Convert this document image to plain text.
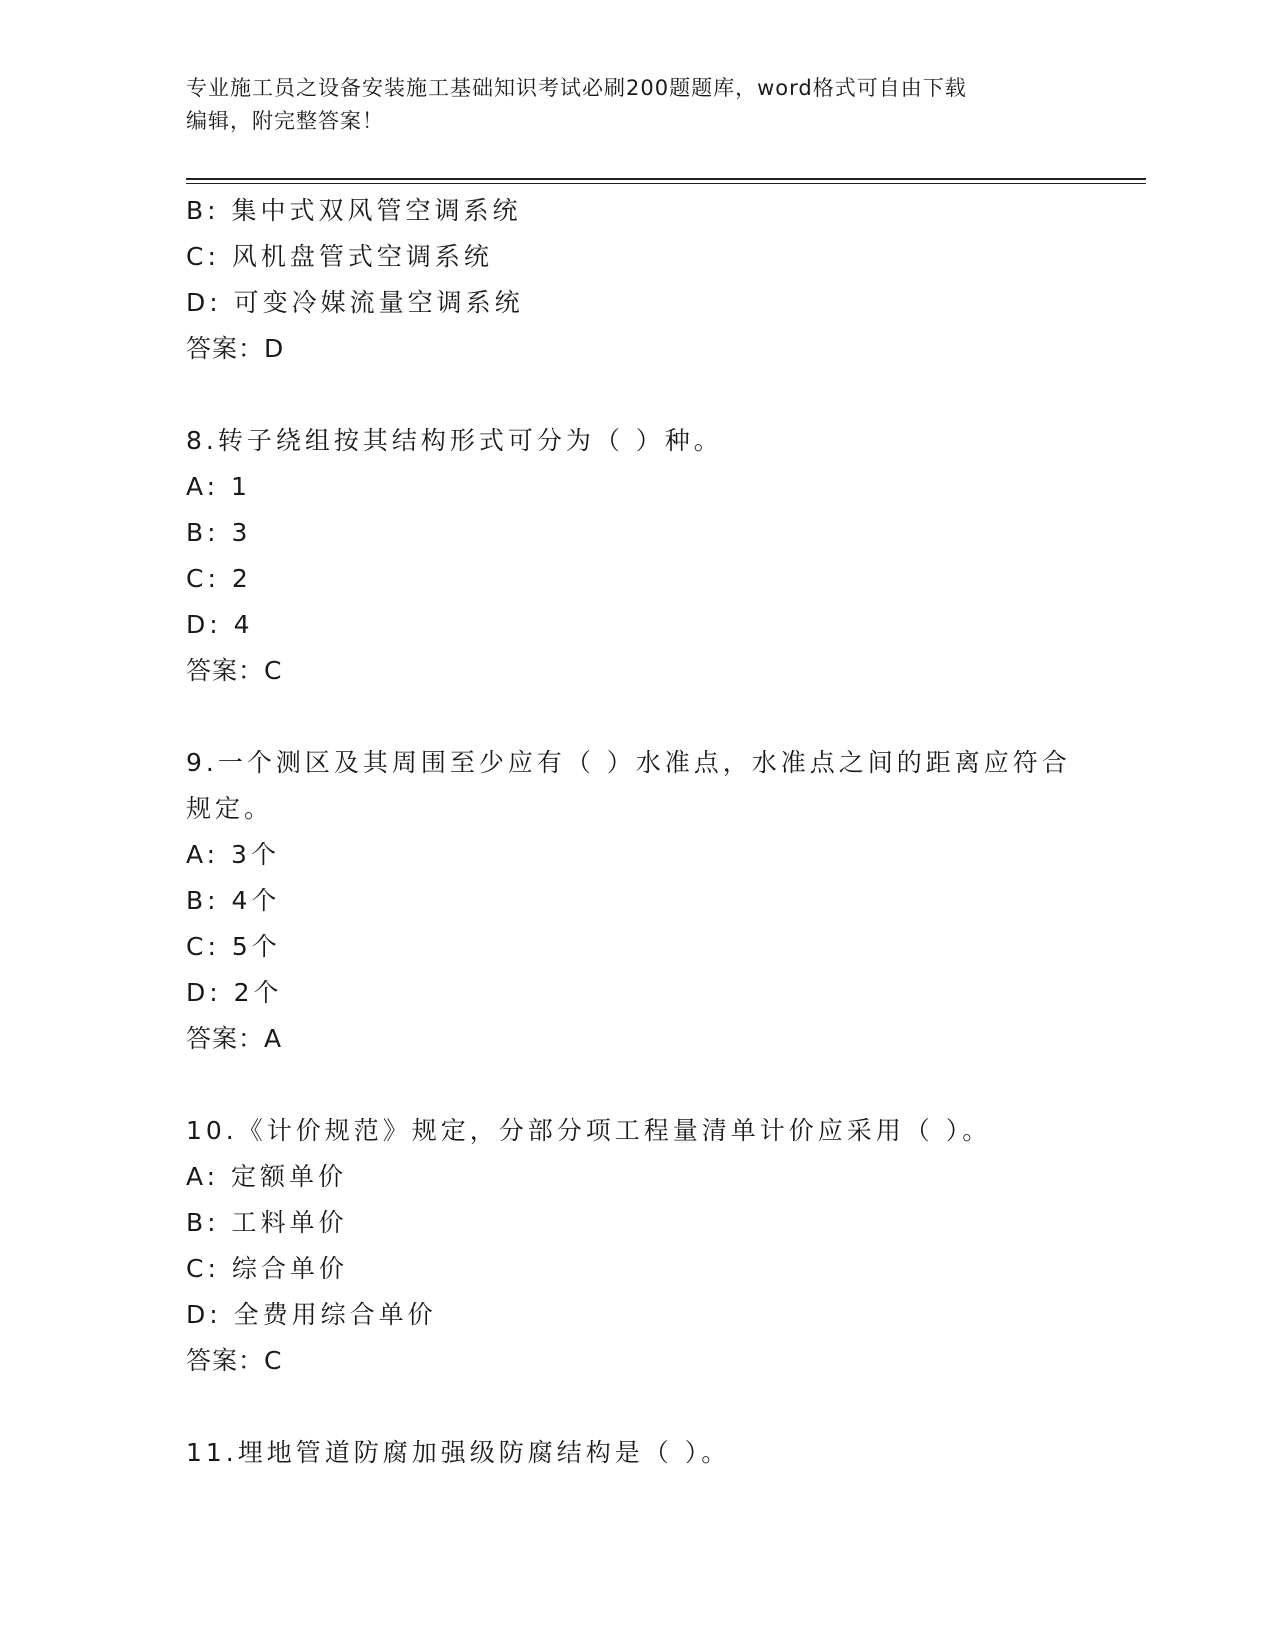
专业施工员之设备安装施工基础知识考试必刷200题题库，word格式可自由下载
编辑，附完整答案！
B: 集中式双风管空调系统
C: 风机盘管式空调系统
D: 可变冷媒流量空调系统
答案：D
8.转子绕组按其结构形式可分为（ ）种。
A: 1
B: 3
C: 2
D: 4
答案：C
9.一个测区及其周围至少应有（ ）水准点，水准点之间的距离应符合
规定。
A: 3个
B: 4个
C: 5个
D: 2个
答案：A
10.《计价规范》规定，分部分项工程量清单计价应采用（ ）。
A: 定额单价
B: 工料单价
C: 综合单价
D: 全费用综合单价
答案：C
11.埋地管道防腐加强级防腐结构是（ ）。
